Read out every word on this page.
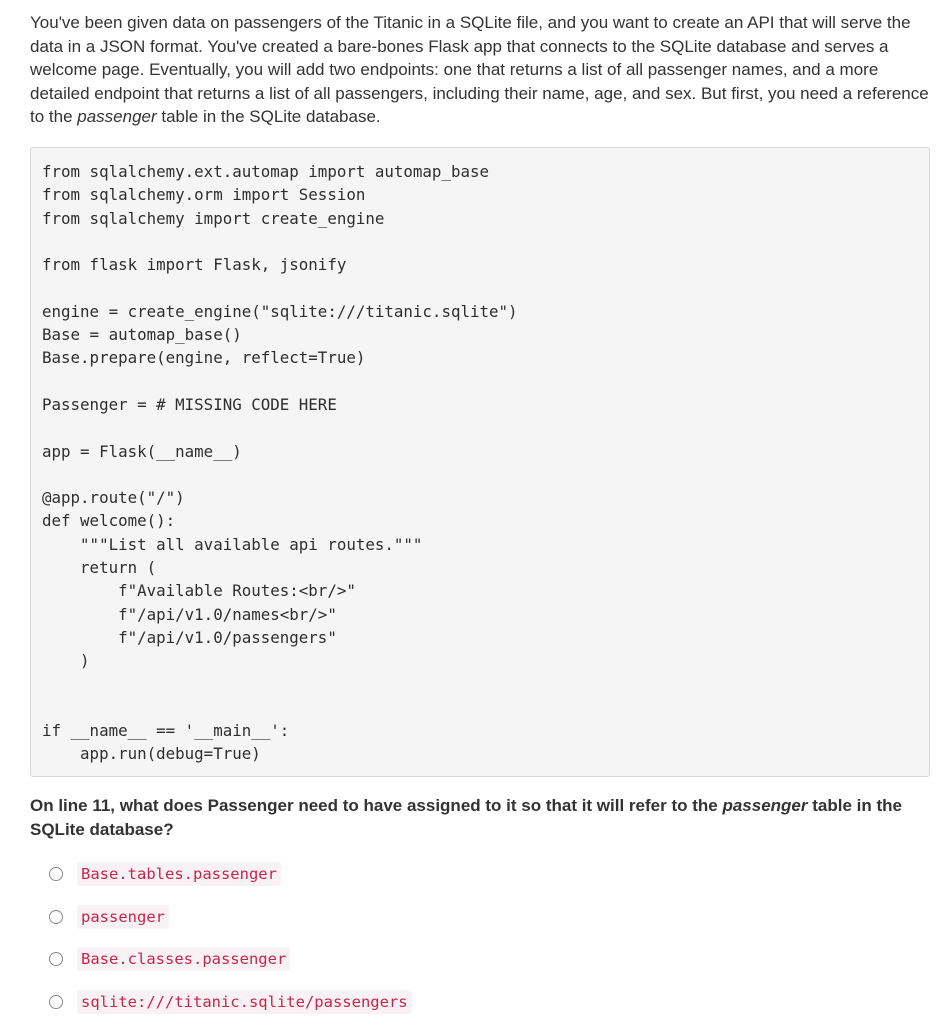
You've been given data on passengers of the Titanic in a SQLite file, and you want to create an API that will serve the data in a JSON format. You've created a bare-bones Flask app that connects to the SQLite database and serves a welcome page. Eventually, you will add two endpoints: one that returns a list of all passenger names, and a more detailed endpoint that returns a list of all passengers, including their name, age, and sex. But first, you need a reference to the passenger table in the SQLite database.
from sqlalchemy.ext.automap import automap_base
from sqlalchemy.orm import Session
from sqlalchemy import create_engine
from flask import Flask, jsonify
engine = create_engine("sqlite:///titanic.sqlite")
Base = automap_base()
Base.prepare(engine, reflect=True)
Passenger = # MISSING CODE HERE
app = Flask(__name__)
@app.route("/")
def welcome():
"""List all available api routes."""
return (
f"Available Routes:<br/>"
f"/api/v1.0/names<br/>"
f"/api/v1.0/passengers"
)
if __name__ == '__main__':
app.run(debug=True)
On line 11, what does Passenger need to have assigned to it so that it will refer to the passenger table in the SQLite database?
Base.tables.passenger
passenger
Base.classes.passenger
sqlite:///titanic.sqlite/passengers
